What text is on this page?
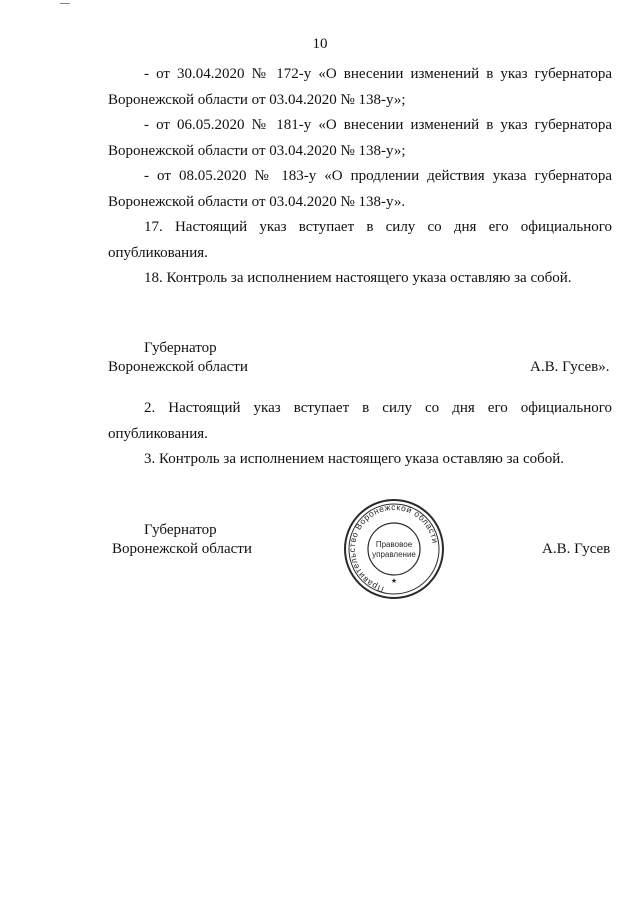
10

- от 30.04.2020 № 172-у «О внесении изменений в указ губернатора

Воронежской области от 03.04.2020 № 138-у»;

- от 06.05.2020 № 181-у «О внесении изменений в указ губернатора

Воронежской области от 03.04.2020 № 138-у»;

- от 08.05.2020 № 183-у «О продлении действия указа губернатора

Воронежской области от 03.04.2020 № 138-у».

17. Настоящий указ вступает в силу со дня его официального опубликования.

18. Контроль за исполнением настоящего указа оставляю за собой.

Губернатор
Воронежской области	А.В. Гусев».

2. Настоящий указ вступает в силу со дня его официального опубликования.

3. Контроль за исполнением настоящего указа оставляю за собой.

Губернатор
Воронежской области	А.В. Гусев
Правительство Воронежской области
Правовое
управление
★
